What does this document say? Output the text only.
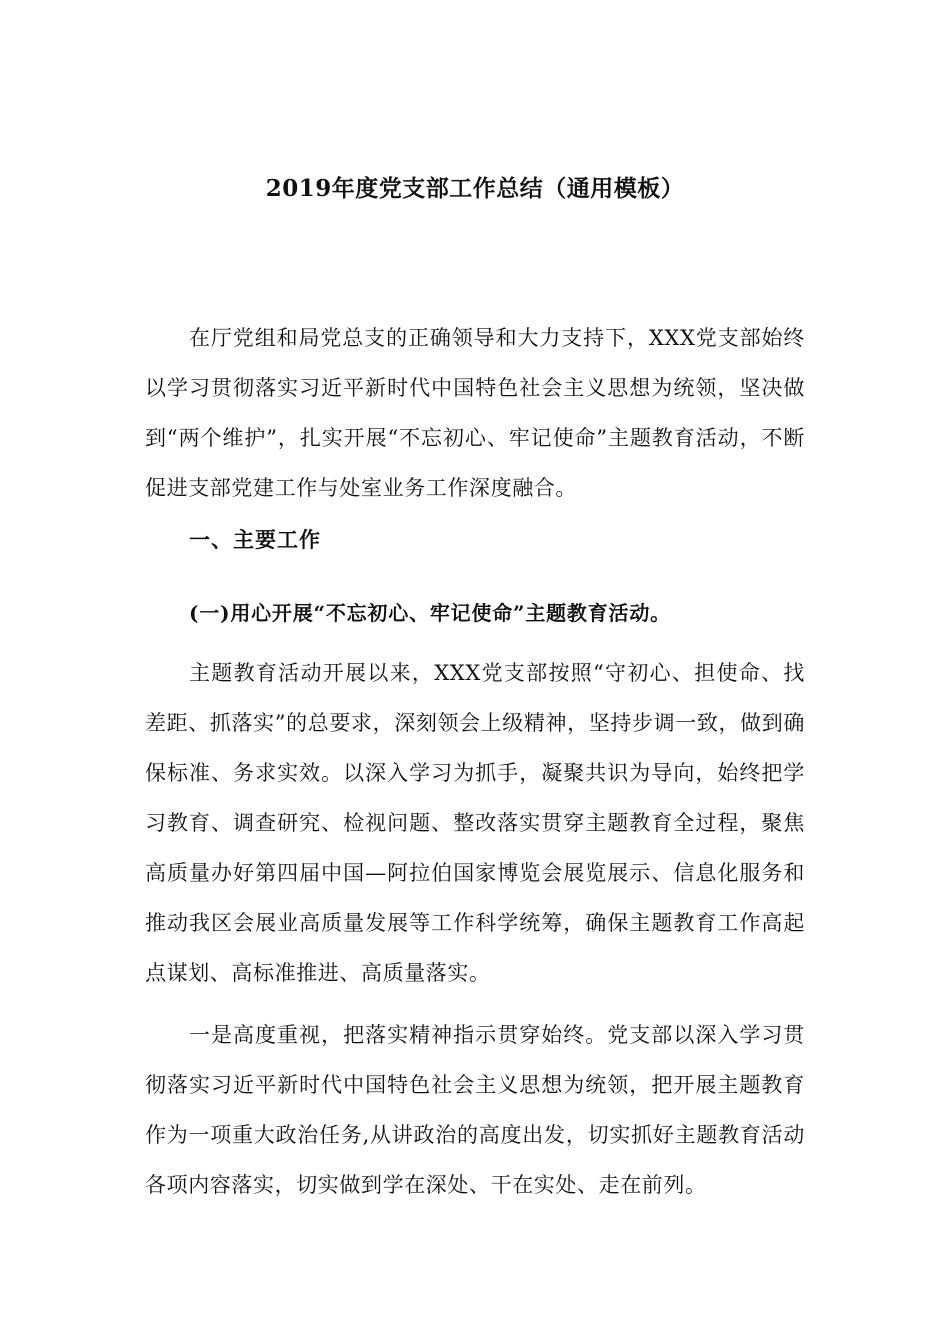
2019年度党支部工作总结（通用模板）

在厅党组和局党总支的正确领导和大力支持下，XXX党支部始终以学习贯彻落实习近平新时代中国特色社会主义思想为统领，坚决做到“两个维护”，扎实开展“不忘初心、牢记使命”主题教育活动，不断促进支部党建工作与处室业务工作深度融合。

一、主要工作
(一)用心开展“不忘初心、牢记使命”主题教育活动。

主题教育活动开展以来，XXX党支部按照“守初心、担使命、找差距、抓落实”的总要求，深刻领会上级精神，坚持步调一致，做到确保标准、务求实效。以深入学习为抓手，凝聚共识为导向，始终把学习教育、调查研究、检视问题、整改落实贯穿主题教育全过程，聚焦高质量办好第四届中国—阿拉伯国家博览会展览展示、信息化服务和推动我区会展业高质量发展等工作科学统筹，确保主题教育工作高起点谋划、高标准推进、高质量落实。

一是高度重视，把落实精神指示贯穿始终。党支部以深入学习贯彻落实习近平新时代中国特色社会主义思想为统领，把开展主题教育作为一项重大政治任务,从讲政治的高度出发，切实抓好主题教育活动各项内容落实，切实做到学在深处、干在实处、走在前列。
